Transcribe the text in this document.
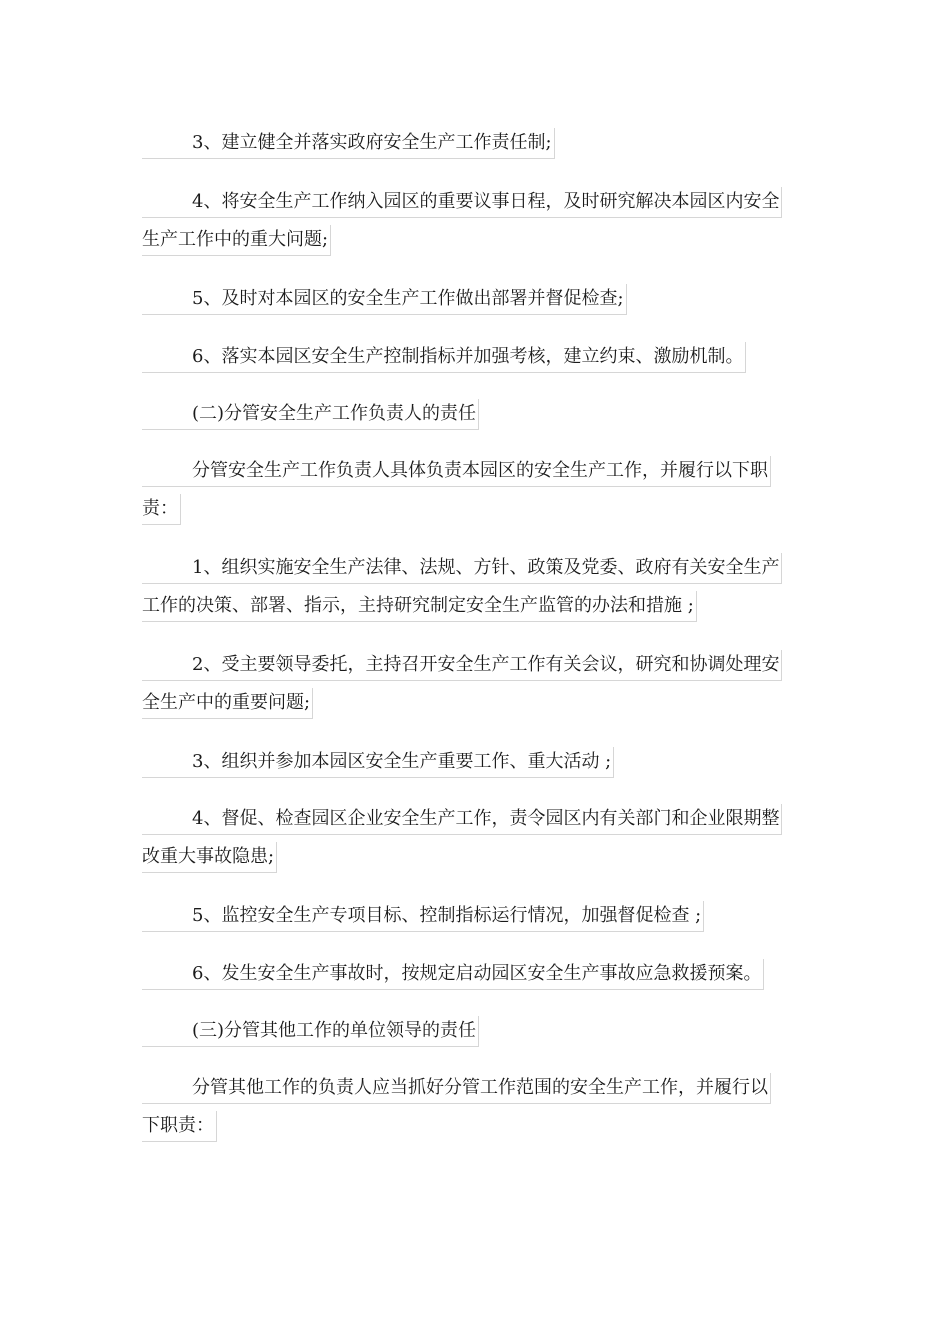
3、建立健全并落实政府安全生产工作责任制;

4、将安全生产工作纳入园区的重要议事日程，及时研究解决本园区内安全
生产工作中的重大问题;

5、及时对本园区的安全生产工作做出部署并督促检查;

6、落实本园区安全生产控制指标并加强考核，建立约束、激励机制。

(二)分管安全生产工作负责人的责任

分管安全生产工作负责人具体负责本园区的安全生产工作，并履行以下职
责：

1、组织实施安全生产法律、法规、方针、政策及党委、政府有关安全生产
工作的决策、部署、指示，主持研究制定安全生产监管的办法和措施 ;

2、受主要领导委托，主持召开安全生产工作有关会议，研究和协调处理安
全生产中的重要问题;

3、组织并参加本园区安全生产重要工作、重大活动 ;

4、督促、检查园区企业安全生产工作，责令园区内有关部门和企业限期整
改重大事故隐患;

5、监控安全生产专项目标、控制指标运行情况，加强督促检查 ;

6、发生安全生产事故时，按规定启动园区安全生产事故应急救援预案。

(三)分管其他工作的单位领导的责任

分管其他工作的负责人应当抓好分管工作范围的安全生产工作，并履行以
下职责：
